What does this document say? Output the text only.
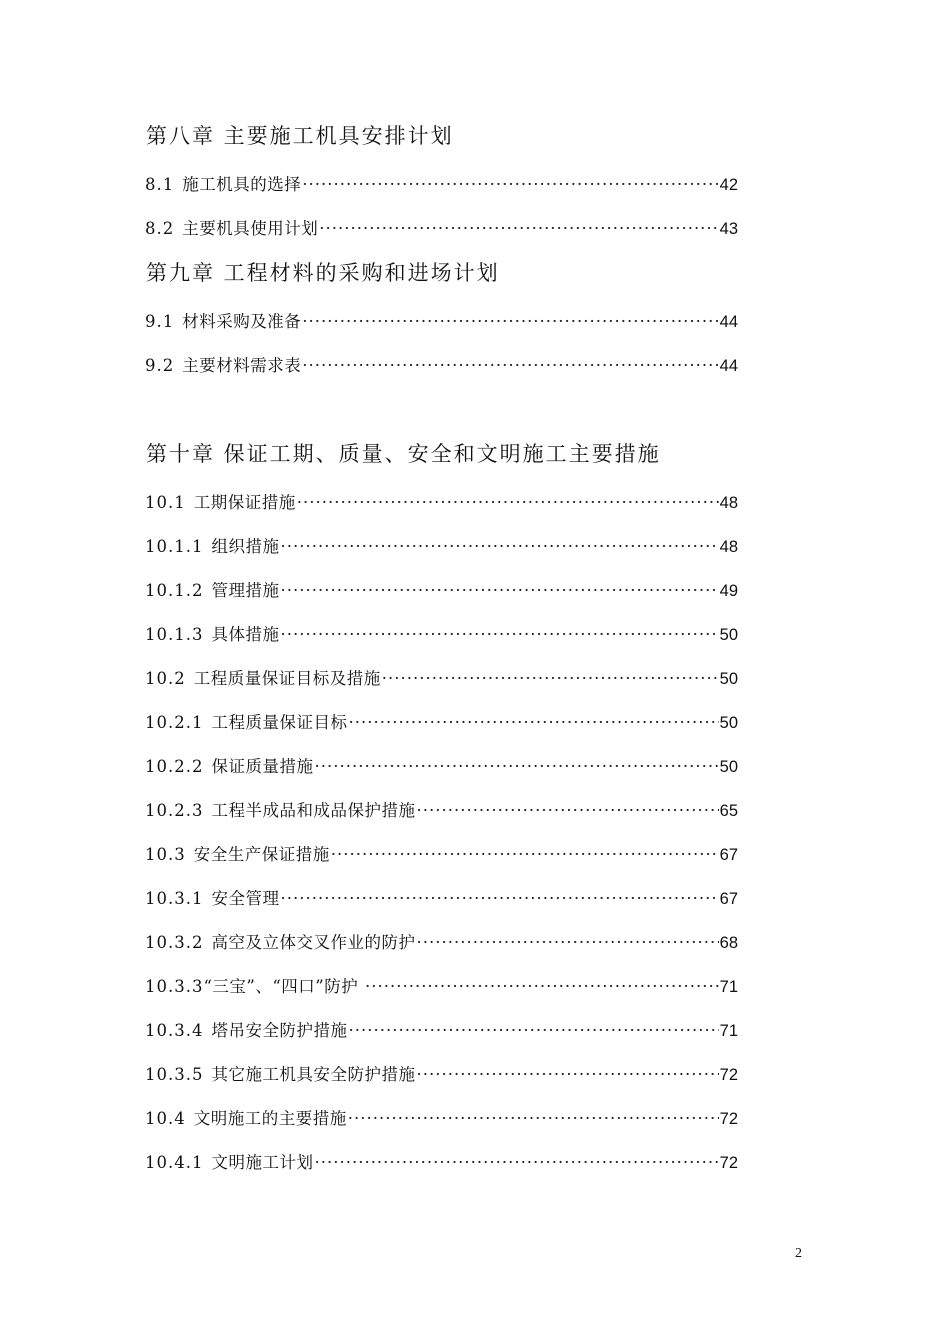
第八章 主要施工机具安排计划
8.1 施工机具的选择 ·····	42
8.2 主要机具使用计划 ·····	43
第九章 工程材料的采购和进场计划
9.1 材料采购及准备 ·····	44
9.2 主要材料需求表 ·····	44
第十章 保证工期、质量、安全和文明施工主要措施
10.1 工期保证措施 ·····	48
10.1.1 组织措施 ·····	48
10.1.2 管理措施 ·····	49
10.1.3 具体措施 ·····	50
10.2 工程质量保证目标及措施 ·····	50
10.2.1 工程质量保证目标 ·····	50
10.2.2 保证质量措施 ·····	50
10.2.3 工程半成品和成品保护措施 ·····	65
10.3 安全生产保证措施 ·····	67
10.3.1 安全管理 ·····	67
10.3.2 高空及立体交叉作业的防护 ·····	68
10.3.3 “三宝”、“四口”防护 ·····	71
10.3.4 塔吊安全防护措施 ·····	71
10.3.5 其它施工机具安全防护措施 ·····	72
10.4 文明施工的主要措施 ·····	72
10.4.1 文明施工计划 ·····	72
2
